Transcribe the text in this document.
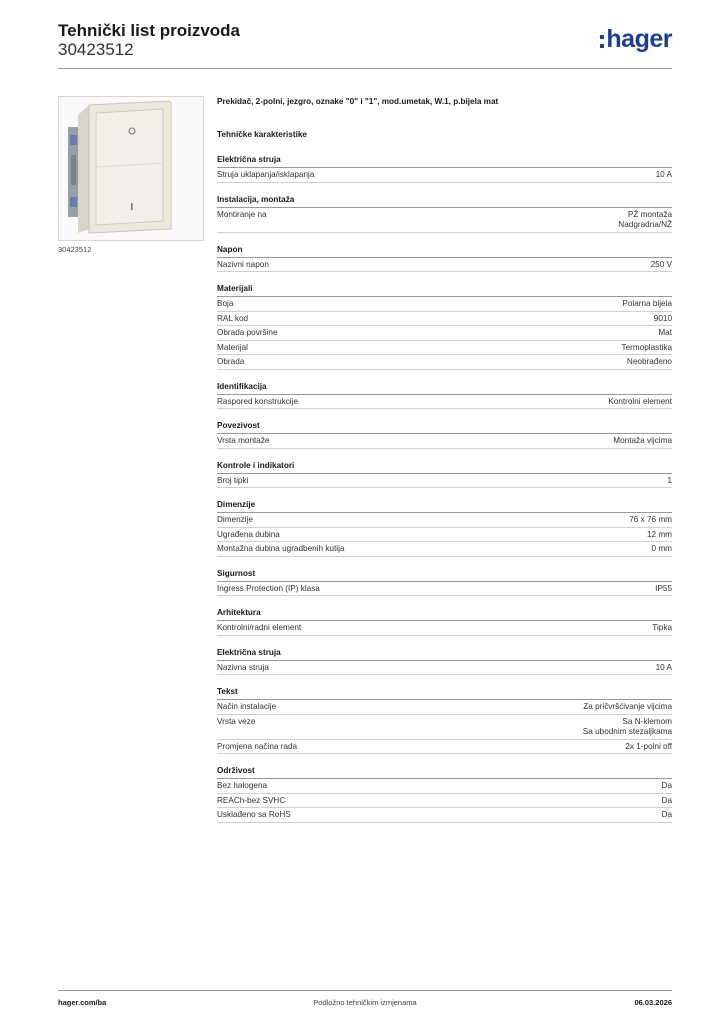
Tehnički list proizvoda
30423512	hager
30423512
Prekidač, 2-polni, jezgro, oznake "0" i "1", mod.umetak, W.1, p.bijela mat
Tehničke karakteristike
Električna struja
Struja uklapanja/isklapanja	10 A
Instalacija, montaža
Montiranje na	PŽ montaža
Nadgradna/NŽ
Napon
Nazivni napon	250 V
Materijali
Boja	Polarna bijela
RAL kod	9010
Obrada površine	Mat
Materijal	Termoplastika
Obrada	Neobrađeno
Identifikacija
Raspored konstrukcije	Kontrolni element
Povezivost
Vrsta montaže	Montaža vijcima
Kontrole i indikatori
Broj tipki	1
Dimenzije
Dimenzije	76 x 76 mm
Ugrađena dubina	12 mm
Montažna dubina ugradbenih kutija	0 mm
Sigurnost
Ingress Protection (IP) klasa	IP55
Arhitektura
Kontrolni/radni element	Tipka
Električna struja
Nazivna struja	10 A
Tekst
Način instalacije	Za pričvršćivanje vijcima
Vrsta veze	Sa N-klemom
Sa ubodnim stezaljkama
Promjena načina rada	2x 1-polni off
Održivost
Bez halogena	Da
REACh-bez SVHC	Da
Usklađeno sa RoHS	Da
hager.com/ba	Podložno tehničkim izmjenama	06.03.2026
